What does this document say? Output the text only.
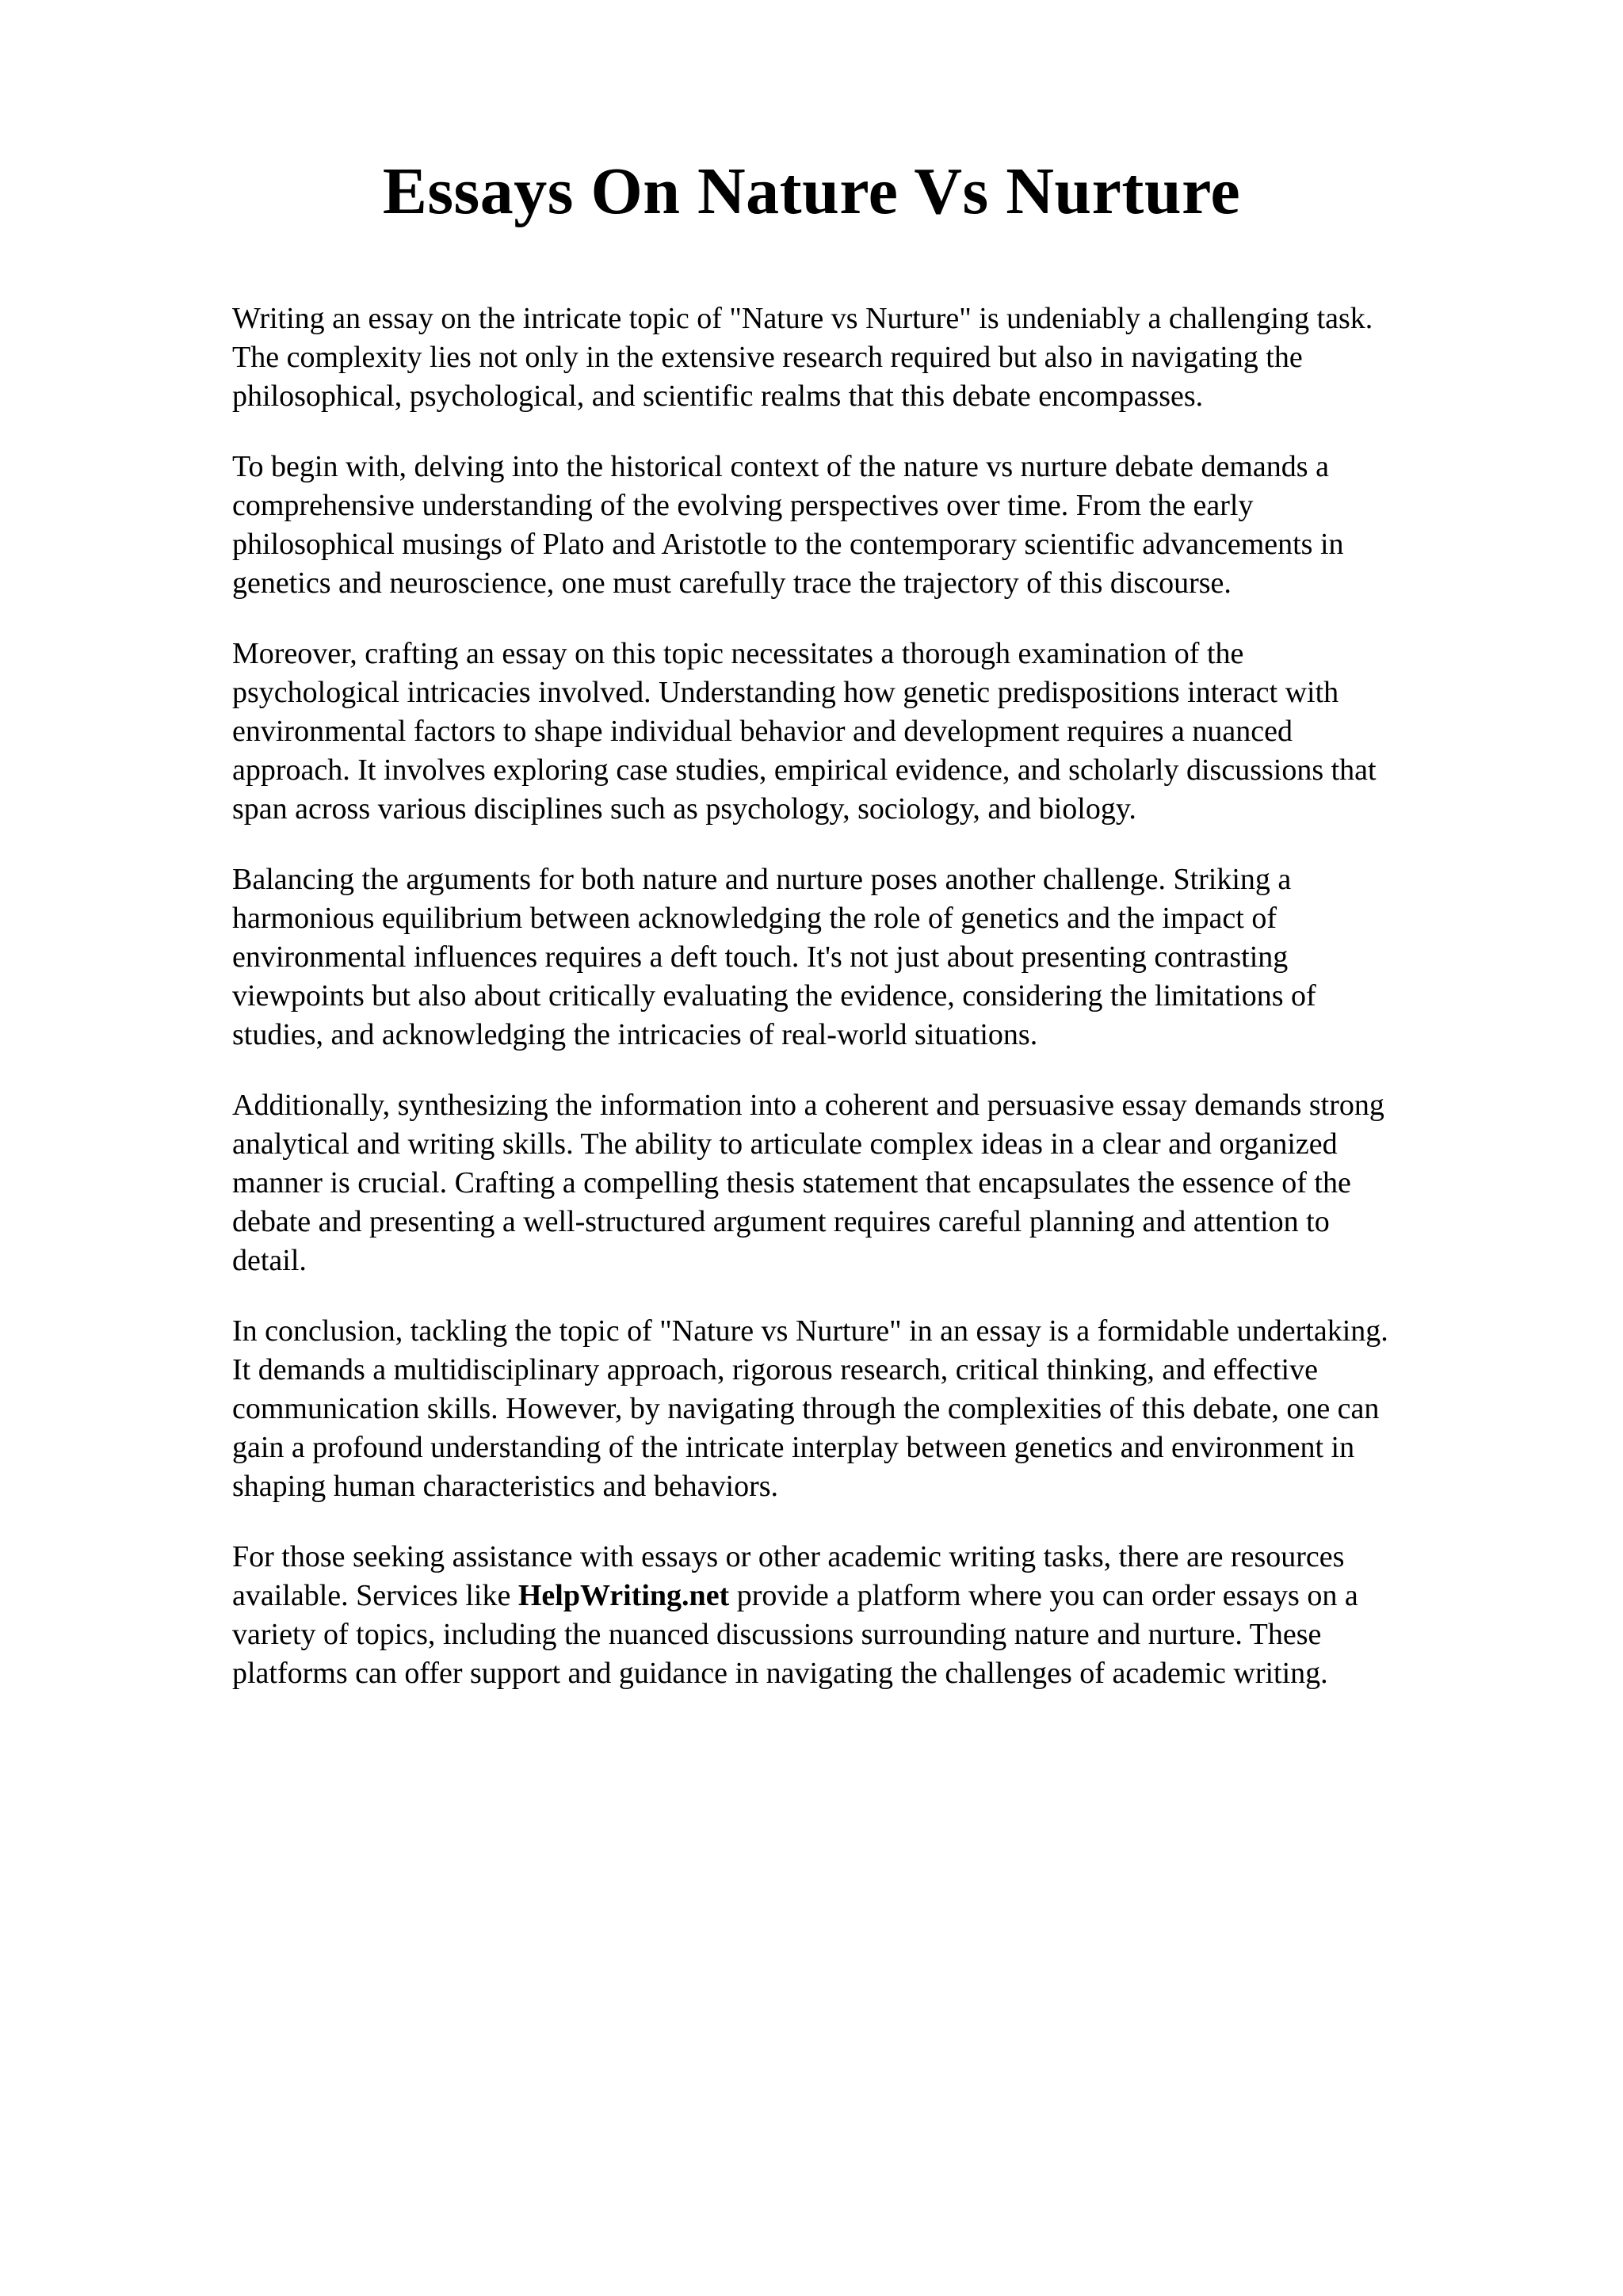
Essays On Nature Vs Nurture

Writing an essay on the intricate topic of "Nature vs Nurture" is undeniably a challenging task.
The complexity lies not only in the extensive research required but also in navigating the
philosophical, psychological, and scientific realms that this debate encompasses.

To begin with, delving into the historical context of the nature vs nurture debate demands a
comprehensive understanding of the evolving perspectives over time. From the early
philosophical musings of Plato and Aristotle to the contemporary scientific advancements in
genetics and neuroscience, one must carefully trace the trajectory of this discourse.

Moreover, crafting an essay on this topic necessitates a thorough examination of the
psychological intricacies involved. Understanding how genetic predispositions interact with
environmental factors to shape individual behavior and development requires a nuanced
approach. It involves exploring case studies, empirical evidence, and scholarly discussions that
span across various disciplines such as psychology, sociology, and biology.

Balancing the arguments for both nature and nurture poses another challenge. Striking a
harmonious equilibrium between acknowledging the role of genetics and the impact of
environmental influences requires a deft touch. It's not just about presenting contrasting
viewpoints but also about critically evaluating the evidence, considering the limitations of
studies, and acknowledging the intricacies of real-world situations.

Additionally, synthesizing the information into a coherent and persuasive essay demands strong
analytical and writing skills. The ability to articulate complex ideas in a clear and organized
manner is crucial. Crafting a compelling thesis statement that encapsulates the essence of the
debate and presenting a well-structured argument requires careful planning and attention to
detail.

In conclusion, tackling the topic of "Nature vs Nurture" in an essay is a formidable undertaking.
It demands a multidisciplinary approach, rigorous research, critical thinking, and effective
communication skills. However, by navigating through the complexities of this debate, one can
gain a profound understanding of the intricate interplay between genetics and environment in
shaping human characteristics and behaviors.

For those seeking assistance with essays or other academic writing tasks, there are resources
available. Services like HelpWriting.net provide a platform where you can order essays on a
variety of topics, including the nuanced discussions surrounding nature and nurture. These
platforms can offer support and guidance in navigating the challenges of academic writing.
